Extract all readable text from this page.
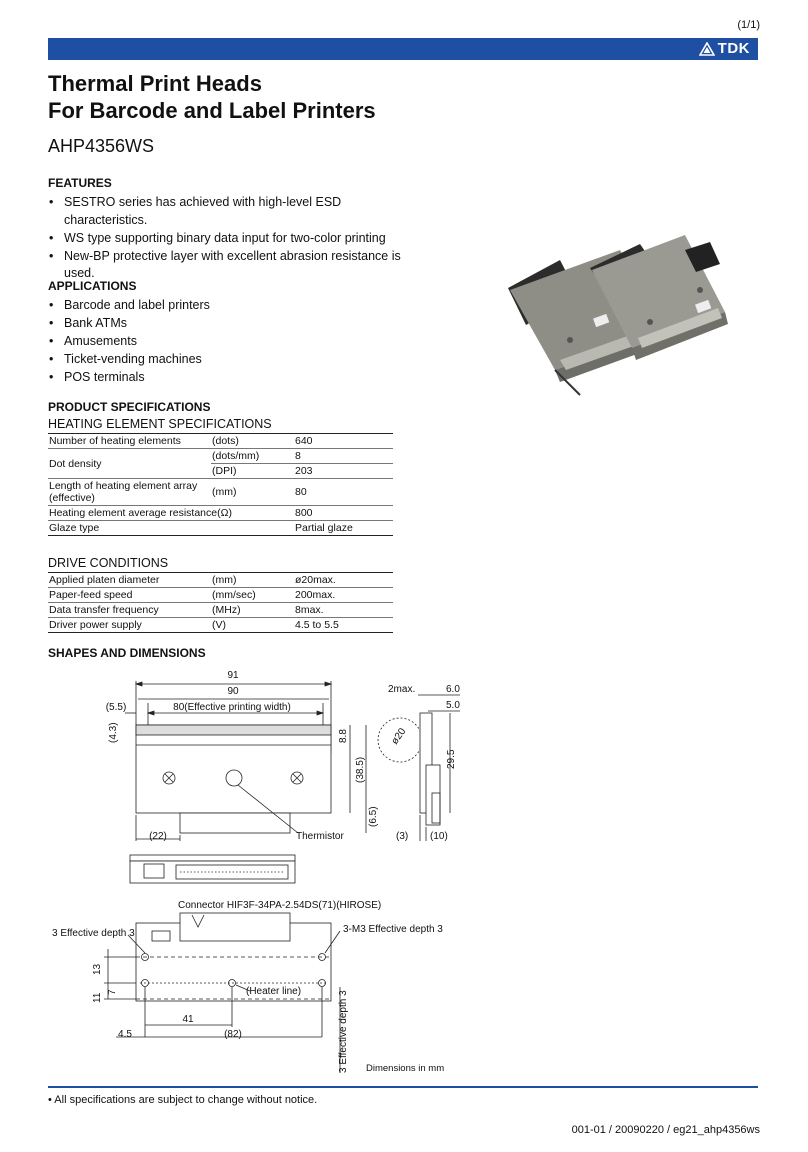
(1/1)
TDK
Thermal Print Heads
For Barcode and Label Printers
AHP4356WS
FEATURES
• SESTRO series has achieved with high-level ESD characteristics.
• WS type supporting binary data input for two-color printing
• New-BP protective layer with excellent abrasion resistance is used.
APPLICATIONS
• Barcode and label printers
• Bank ATMs
• Amusements
• Ticket-vending machines
• POS terminals
PRODUCT SPECIFICATIONS
HEATING ELEMENT SPECIFICATIONS
Number of heating elements	(dots)	640
Dot density	(dots/mm)	8
	(DPI)	203
Length of heating element array (effective)	(mm)	80
Heating element average resistance(Ω)		800
Glaze type		Partial glaze
DRIVE CONDITIONS
Applied platen diameter	(mm)	ø20max.
Paper-feed speed	(mm/sec)	200max.
Data transfer frequency	(MHz)	8max.
Driver power supply	(V)	4.5 to 5.5
SHAPES AND DIMENSIONS
91
90
(5.5)	80(Effective printing width)
Thermistor
(4.3)	8.8
(38.5)
(6.5)
(22)
2max.	6.0
5.0
ø20
29.5
(3) (10)
Connector HIF3F-34PA-2.54DS(71)(HIROSE)
3 Effective depth 3	3-M3 Effective depth 3
(Heater line)
13
7
11
41
4.5	(82)	3 Effective depth 3 Dimensions in mm
• All specifications are subject to change without notice.
001-01 / 20090220 / eg21_ahp4356ws
